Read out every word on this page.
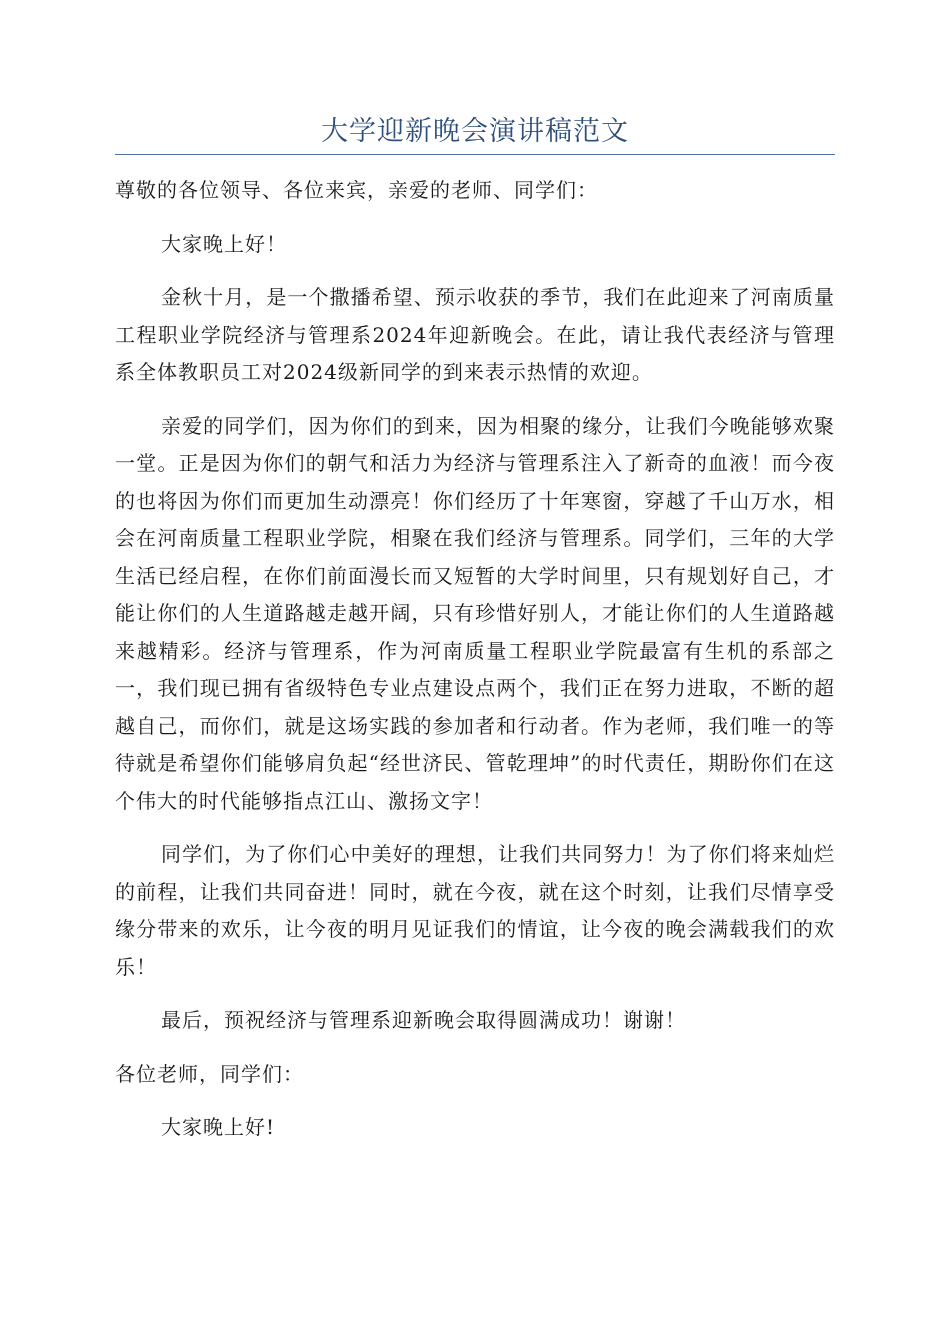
大学迎新晚会演讲稿范文

尊敬的各位领导、各位来宾，亲爱的老师、同学们：

大家晚上好！

金秋十月，是一个撒播希望、预示收获的季节，我们在此迎来了河南质量工程职业学院经济与管理系2024年迎新晚会。在此，请让我代表经济与管理系全体教职员工对2024级新同学的到来表示热情的欢迎。

亲爱的同学们，因为你们的到来，因为相聚的缘分，让我们今晚能够欢聚一堂。正是因为你们的朝气和活力为经济与管理系注入了新奇的血液！而今夜的也将因为你们而更加生动漂亮！你们经历了十年寒窗，穿越了千山万水，相会在河南质量工程职业学院，相聚在我们经济与管理系。同学们，三年的大学生活已经启程，在你们前面漫长而又短暂的大学时间里，只有规划好自己，才能让你们的人生道路越走越开阔，只有珍惜好别人，才能让你们的人生道路越来越精彩。经济与管理系，作为河南质量工程职业学院最富有生机的系部之一，我们现已拥有省级特色专业点建设点两个，我们正在努力进取，不断的超越自己，而你们，就是这场实践的参加者和行动者。作为老师，我们唯一的等待就是希望你们能够肩负起“经世济民、管乾理坤”的时代责任，期盼你们在这个伟大的时代能够指点江山、激扬文字！

同学们，为了你们心中美好的理想，让我们共同努力！为了你们将来灿烂的前程，让我们共同奋进！同时，就在今夜，就在这个时刻，让我们尽情享受缘分带来的欢乐，让今夜的明月见证我们的情谊，让今夜的晚会满载我们的欢乐！

最后，预祝经济与管理系迎新晚会取得圆满成功！谢谢！

各位老师，同学们：

大家晚上好!
